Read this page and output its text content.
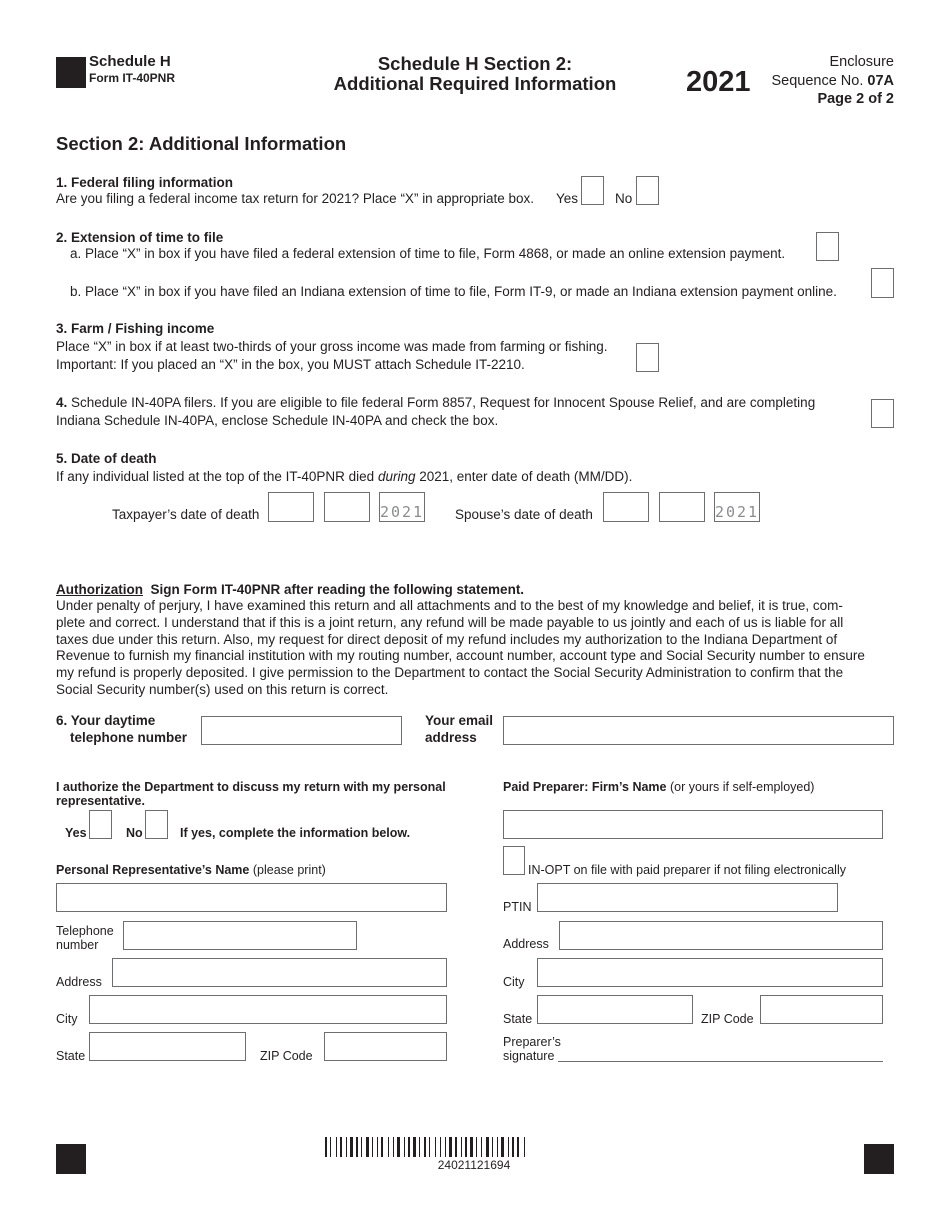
Schedule H
Form IT-40PNR
Schedule H Section 2:
Additional Required Information	2021
Enclosure
Sequence No. 07A
Page 2 of 2
Section 2: Additional Information
1. Federal filing information
Are you filing a federal income tax return for 2021? Place “X” in appropriate box. Yes	No
2. Extension of time to file
a. Place “X” in box if you have filed a federal extension of time to file, Form 4868, or made an online extension payment.
b. Place “X” in box if you have filed an Indiana extension of time to file, Form IT-9, or made an Indiana extension payment online.
3. Farm / Fishing income
Place “X” in box if at least two-thirds of your gross income was made from farming or fishing.
Important: If you placed an “X” in the box, you MUST attach Schedule IT-2210.
4. Schedule IN-40PA filers. If you are eligible to file federal Form 8857, Request for Innocent Spouse Relief, and are completing
Indiana Schedule IN-40PA, enclose Schedule IN-40PA and check the box.
5. Date of death
If any individual listed at the top of the IT-40PNR died during 2021, enter date of death (MM/DD).
Taxpayer’s date of death	2021 Spouse’s date of death	2021
Authorization Sign Form IT-40PNR after reading the following statement.
Under penalty of perjury, I have examined this return and all attachments and to the best of my knowledge and belief, it is true, com-
plete and correct. I understand that if this is a joint return, any refund will be made payable to us jointly and each of us is liable for all
taxes due under this return. Also, my request for direct deposit of my refund includes my authorization to the Indiana Department of
Revenue to furnish my financial institution with my routing number, account number, account type and Social Security number to ensure
my refund is properly deposited. I give permission to the Department to contact the Social Security Administration to confirm that the
Social Security number(s) used on this return is correct.
6. Your daytime
telephone number
Your email
address
I authorize the Department to discuss my return with my personal
representative.
Yes	No	If yes, complete the information below.
Personal Representative’s Name (please print)
Telephone
number
Address
City
State	ZIP Code
Paid Preparer: Firm’s Name (or yours if self-employed)
IN-OPT on file with paid preparer if not filing electronically
PTIN
Address
City
State	ZIP Code
Preparer’s
signature
24021121694
